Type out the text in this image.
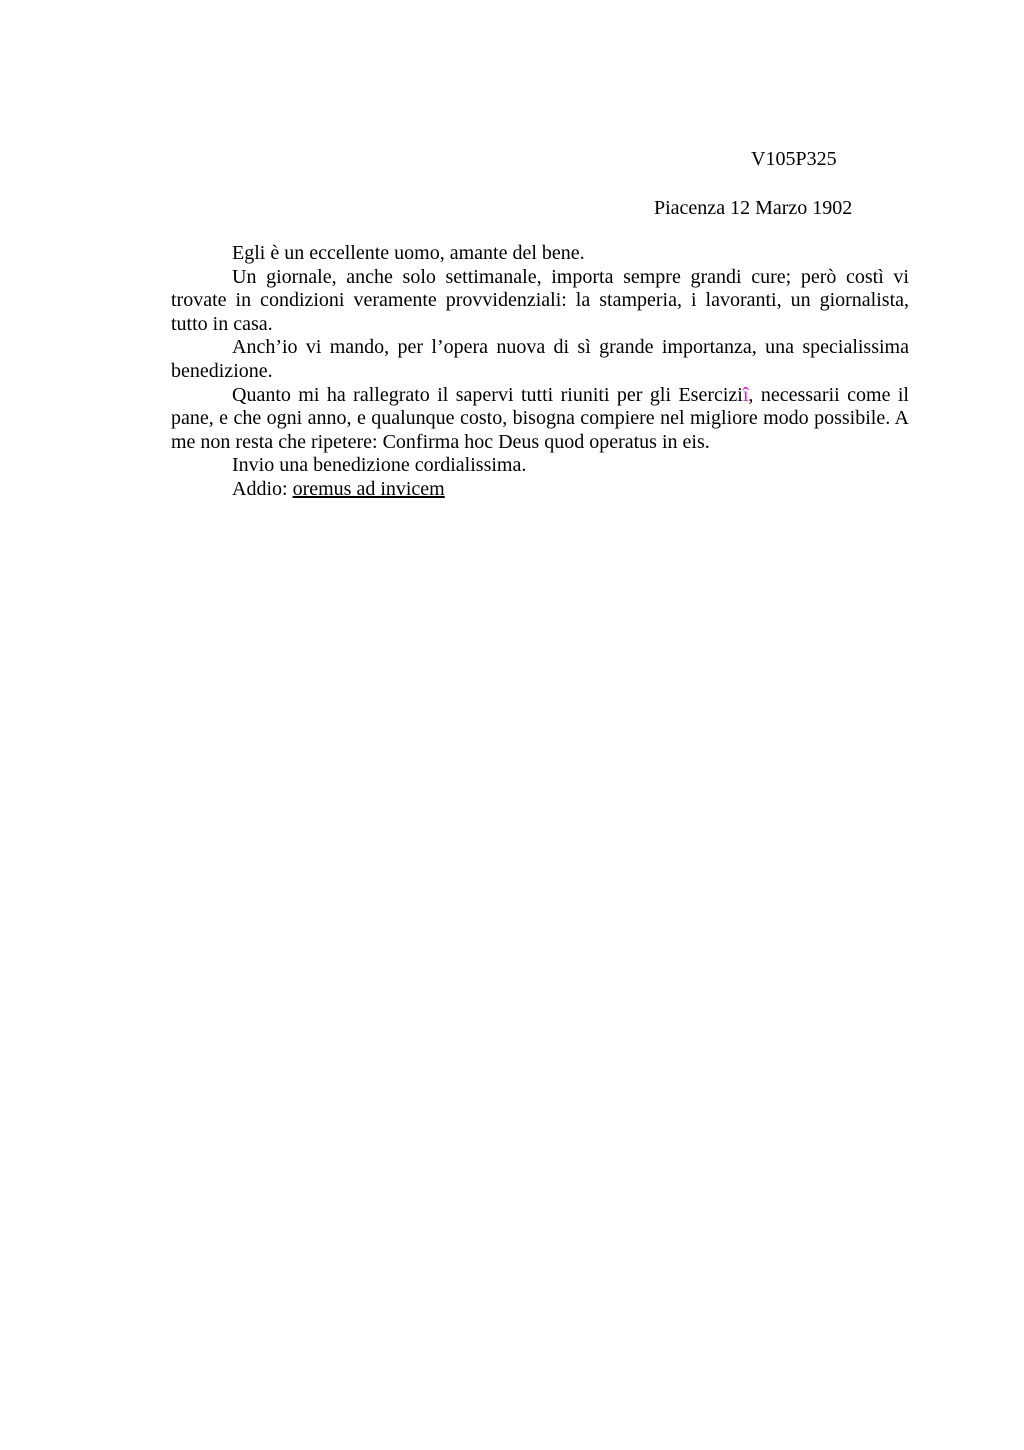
V105P325
Piacenza 12 Marzo 1902

Egli è un eccellente uomo, amante del bene.

Un giornale, anche solo settimanale, importa sempre grandi cure; però costì vi trovate in condizioni veramente provvidenziali: la stamperia, i lavoranti, un giornalista, tutto in casa.

Anch’io vi mando, per l’opera nuova di sì grande importanza, una specialissima benedizione.

Quanto mi ha rallegrato il sapervi tutti riuniti per gli Eserciziî, necessarii come il pane, e che ogni anno, e qualunque costo, bisogna compiere nel migliore modo possibile. A me non resta che ripetere: Confirma hoc Deus quod operatus in eis.

Invio una benedizione cordialissima.

Addio: oremus ad invicem
